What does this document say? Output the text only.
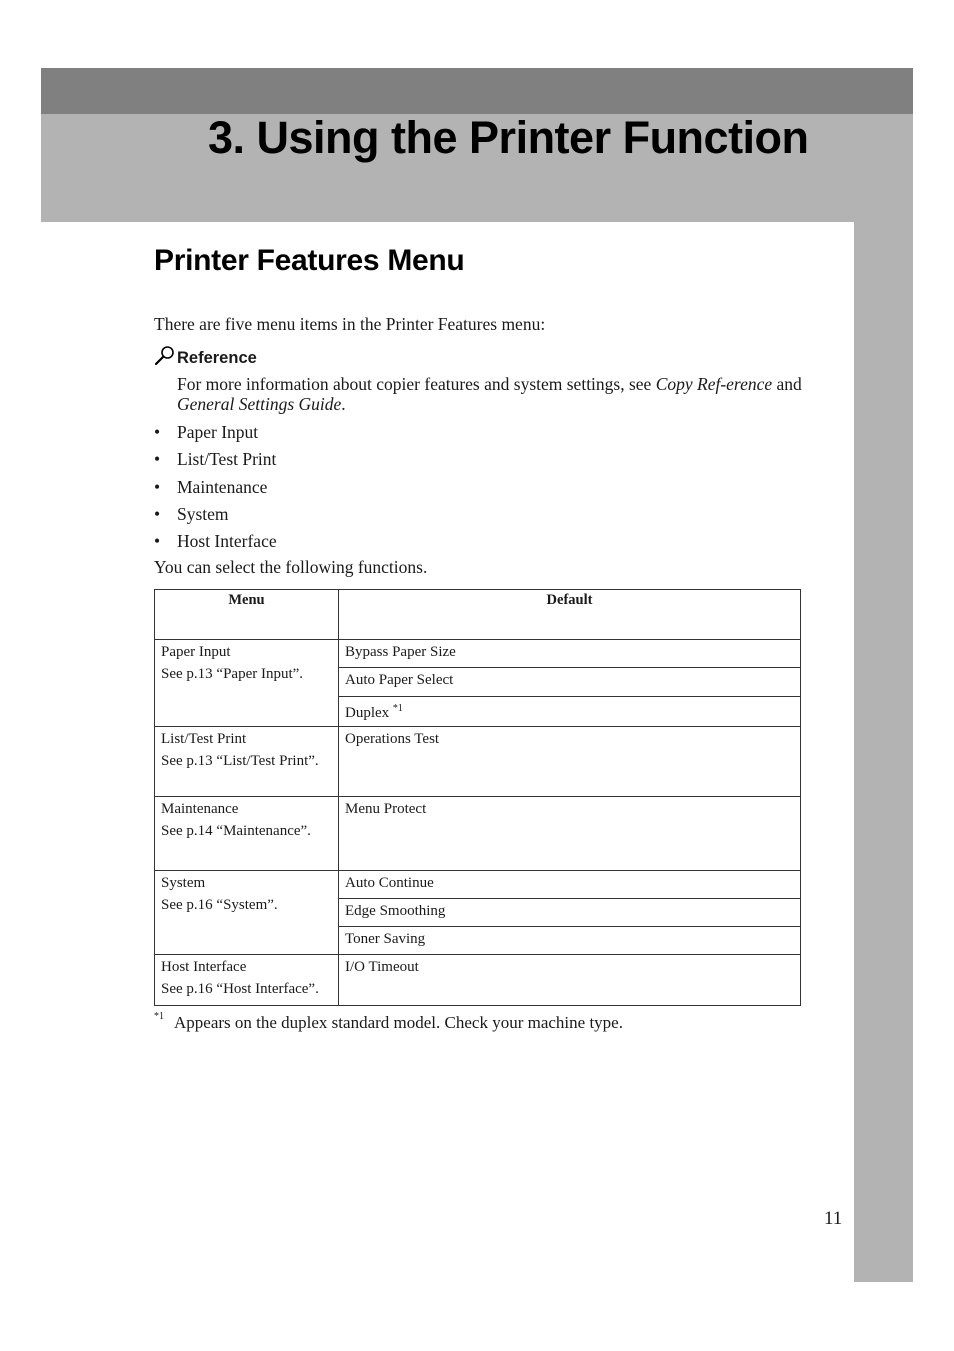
3. Using the Printer Function
Printer Features Menu

There are five menu items in the Printer Features menu:

Reference

For more information about copier features and system settings, see Copy Ref-erence and General Settings Guide.

• Paper Input
• List/Test Print
• Maintenance
• System
• Host Interface

You can select the following functions.

Menu	Default
Paper Input
See p.13 “Paper Input”.	Bypass Paper Size
	Auto Paper Select
	Duplex $^{*1}$
List/Test Print
See p.13 “List/Test Print”.	Operations Test
Maintenance
See p.14 “Maintenance”.	Menu Protect
System
See p.16 “System”.	Auto Continue
	Edge Smoothing
	Toner Saving
Host Interface
See p.16 “Host Interface”.	I/O Timeout

$^{*1}$ Appears on the duplex standard model. Check your machine type.

11
